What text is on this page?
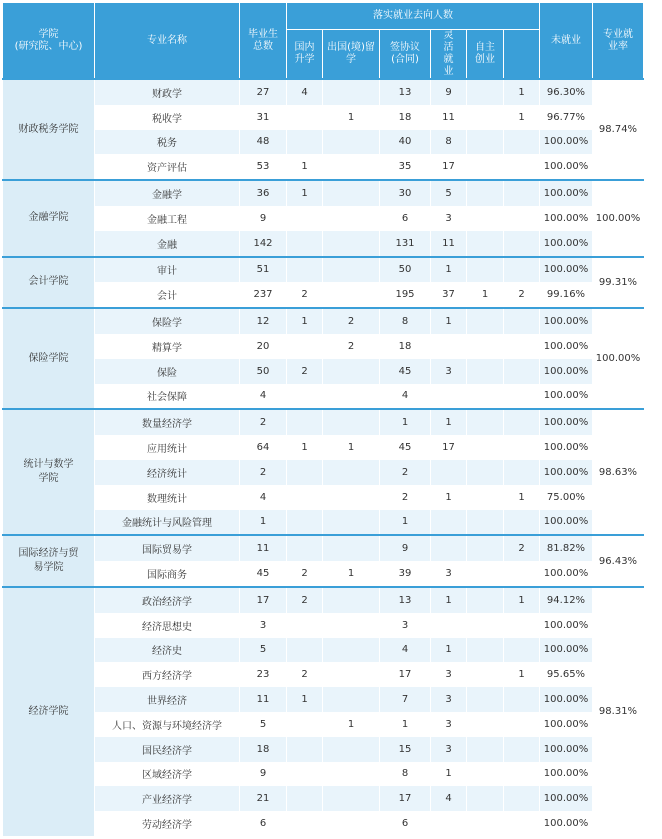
学院
(研究院、中心)	专业名称	毕业生总数	落实就业去向人数						未就业	专业就业率	单位就业率
			国内升学	出国(境)留学	签协议(合同)	灵活就业	自主创业				
财政税务学院	财政学	27	4		13	9		1	96.30%	98.74%	
	税收学	31		1	18	11		1	96.77%		
	税务	48			40	8			100.00%		
	资产评估	53	1		35	17			100.00%		
金融学院	金融学	36	1		30	5			100.00%	100.00%	
	金融工程	9			6	3			100.00%		
	金融	142			131	11			100.00%		
会计学院	审计	51			50	1			100.00%	99.31%	
	会计	237	2		195	37	1	2	99.16%		
保险学院	保险学	12	1	2	8	1			100.00%	100.00%	
	精算学	20		2	18				100.00%		
	保险	50	2		45	3			100.00%		
	社会保障	4			4				100.00%		
统计与数学学院	数量经济学	2			1	1			100.00%	98.63%	
	应用统计	64	1	1	45	17			100.00%		
	经济统计	2			2				100.00%		
	数理统计	4			2	1		1	75.00%		
	金融统计与风险管理	1			1				100.00%		
国际经济与贸易学院	国际贸易学	11			9			2	81.82%	96.43%	
	国际商务	45	2	1	39	3			100.00%		
经济学院	政治经济学	17	2		13	1		1	94.12%	98.31%	
	经济思想史	3			3				100.00%		
	经济史	5			4	1			100.00%		
	西方经济学	23	2		17	3		1	95.65%		
	世界经济	11	1		7	3			100.00%		
	人口、资源与环境经济学	5		1	1	3			100.00%		
	国民经济学	18			15	3			100.00%		
	区域经济学	9			8	1			100.00%		
	产业经济学	21			17	4			100.00%		
	劳动经济学	6			6				100.00%		
